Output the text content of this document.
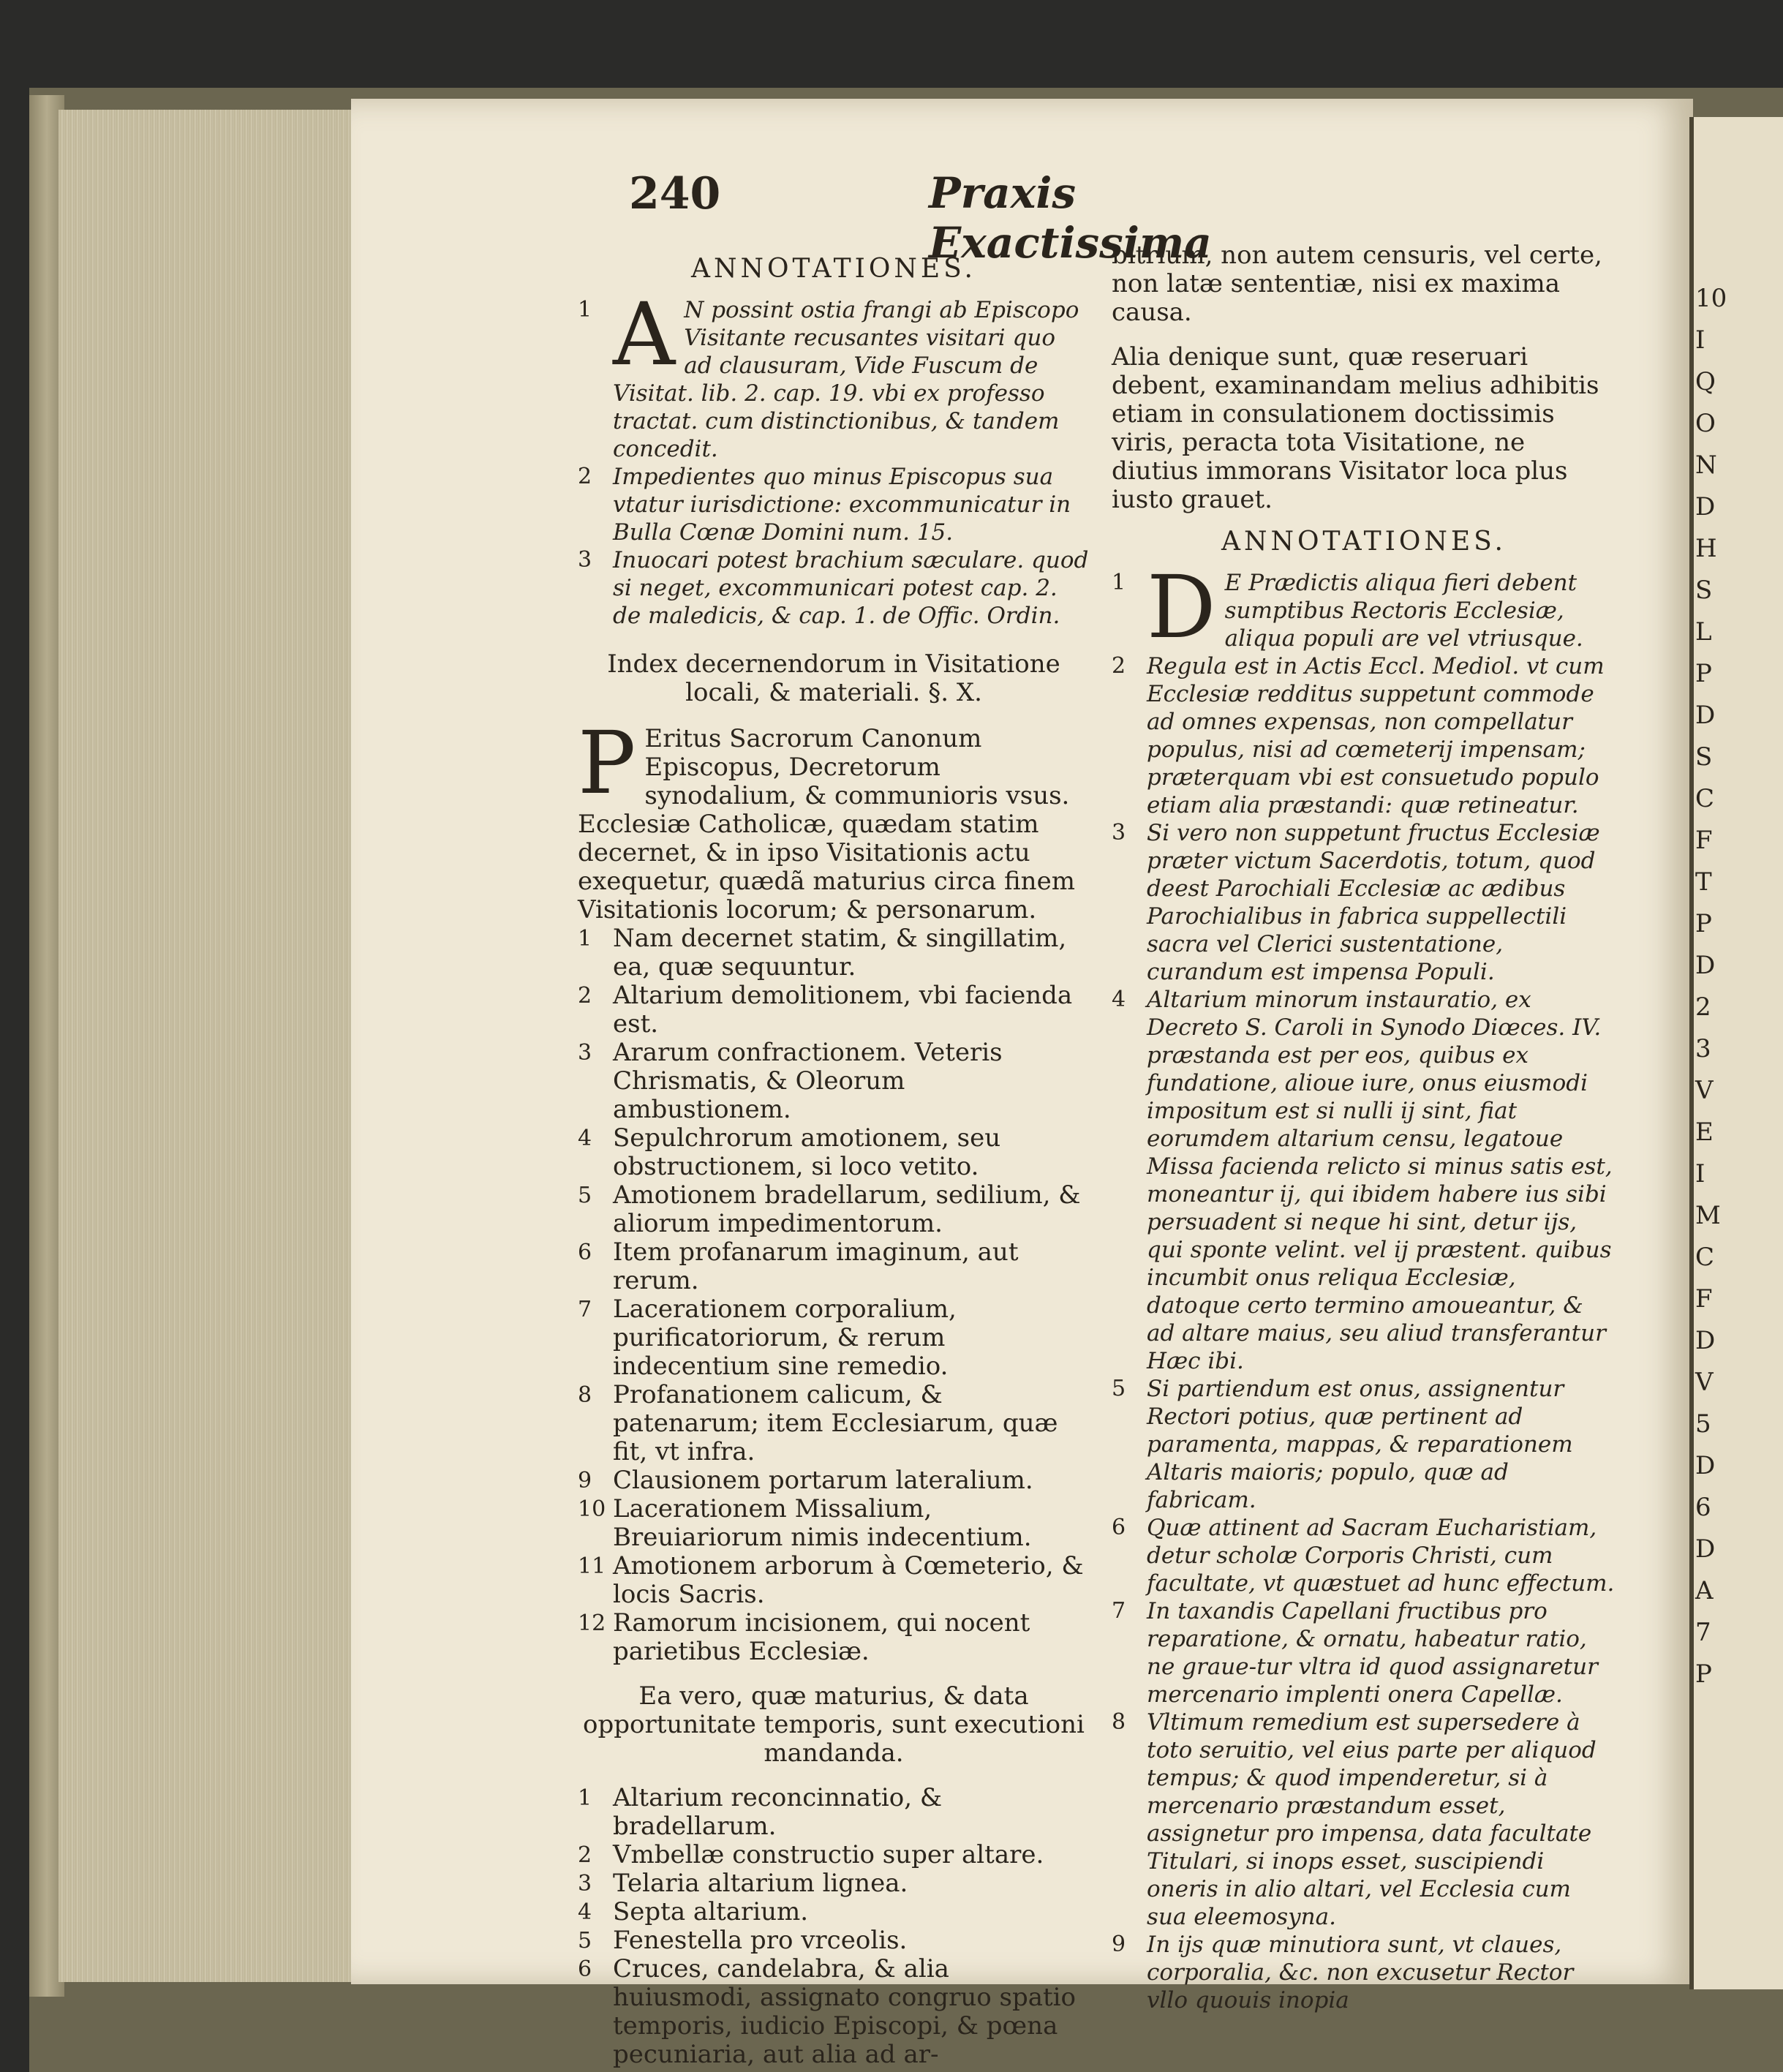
240	Praxis Exactissima

ANNOTATIONES.

1 A N possint ostia frangi ab Episcopo Visitante recusantes visitari quo ad clausuram, Vide Fuscum de Visitat. lib. 2. cap. 19. vbi ex professo tractat. cum distinctionibus, & tandem concedit.

2 Impedientes quo minus Episcopus sua vtatur iurisdictione: excommunicatur in Bulla Cœnæ Domini num. 15.

3 Inuocari potest brachium sæculare. quod si neget, excommunicari potest cap. 2. de maledicis, & cap. 1. de Offic. Ordin.

Index decernendorum in Visitatione locali, & materiali. §. X.

P Eritus Sacrorum Canonum Episcopus, Decretorum synodalium, & communioris vsus. Ecclesiæ Catholicæ, quædam statim decernet, & in ipso Visitationis actu exequetur, quædã maturius circa finem Visitationis locorum; & personarum.

1 Nam decernet statim, & singillatim, ea, quæ sequuntur.

2 Altarium demolitionem, vbi facienda est.

3 Ararum confractionem. Veteris Chrismatis, & Oleorum ambustionem.

4 Sepulchrorum amotionem, seu obstructionem, si loco vetito.

5 Amotionem bradellarum, sedilium, & aliorum impedimentorum.

6 Item profanarum imaginum, aut rerum.

7 Lacerationem corporalium, purificatoriorum, & rerum indecentium sine remedio.

8 Profanationem calicum, & patenarum; item Ecclesiarum, quæ fit, vt infra.

9 Clausionem portarum lateralium.

10 Lacerationem Missalium, Breuiariorum nimis indecentium.

11 Amotionem arborum à Cœmeterio, & locis Sacris.

12 Ramorum incisionem, qui nocent parietibus Ecclesiæ.

Ea vero, quæ maturius, & data opportunitate temporis, sunt executioni mandanda.

1 Altarium reconcinnatio, & bradellarum.

2 Vmbellæ constructio super altare.

3 Telaria altarium lignea.

4 Septa altarium.

5 Fenestella pro vrceolis.

6 Cruces, candelabra, & alia huiusmodi, assignato congruo spatio temporis, iudicio Episcopi, & pœna pecuniaria, aut alia ad ar-

bitrium, non autem censuris, vel certe, non latæ sententiæ, nisi ex maxima causa.

Alia denique sunt, quæ reseruari debent, examinandam melius adhibitis etiam in consulationem doctissimis viris, peracta tota Visitatione, ne diutius immorans Visitator loca plus iusto grauet.

ANNOTATIONES.

1 D E Prædictis aliqua fieri debent sumptibus Rectoris Ecclesiæ, aliqua populi are vel vtriusque.

2 Regula est in Actis Eccl. Mediol. vt cum Ecclesiæ redditus suppetunt commode ad omnes expensas, non compellatur populus, nisi ad cœmeterij impensam; præterquam vbi est consuetudo populo etiam alia præstandi: quæ retineatur.

3 Si vero non suppetunt fructus Ecclesiæ præter victum Sacerdotis, totum, quod deest Parochiali Ecclesiæ ac ædibus Parochialibus in fabrica suppellectili sacra vel Clerici sustentatione, curandum est impensa Populi.

4 Altarium minorum instauratio, ex Decreto S. Caroli in Synodo Diœces. IV. præstanda est per eos, quibus ex fundatione, alioue iure, onus eiusmodi impositum est si nulli ij sint, fiat eorumdem altarium censu, legatoue Missa facienda relicto si minus satis est, moneantur ij, qui ibidem habere ius sibi persuadent si neque hi sint, detur ijs, qui sponte velint. vel ij præstent. quibus incumbit onus reliqua Ecclesiæ, datoque certo termino amoueantur, & ad altare maius, seu aliud transferantur Hæc ibi.

5 Si partiendum est onus, assignentur Rectori potius, quæ pertinent ad paramenta, mappas, & reparationem Altaris maioris; populo, quæ ad fabricam.

6 Quæ attinent ad Sacram Eucharistiam, detur scholæ Corporis Christi, cum facultate, vt quæstuet ad hunc effectum.

7 In taxandis Capellani fructibus pro reparatione, & ornatu, habeatur ratio, ne graue-tur vltra id quod assignaretur mercenario implenti onera Capellæ.

8 Vltimum remedium est supersedere à toto seruitio, vel eius parte per aliquod tempus; & quod impenderetur, si à mercenario præstandum esset, assignetur pro impensa, data facultate Titulari, si inops esset, suscipiendi oneris in alio altari, vel Ecclesia cum sua eleemosyna.

9 In ijs quæ minutiora sunt, vt claues, corporalia, &c. non excusetur Rector vllo quouis inopia

10
I
Q
O
N
D
H
S
L
P
D
S
C
F
T
P
D
2
3
V
E
I
M
C
F
D
V
5
D
6
D
A
7
P
